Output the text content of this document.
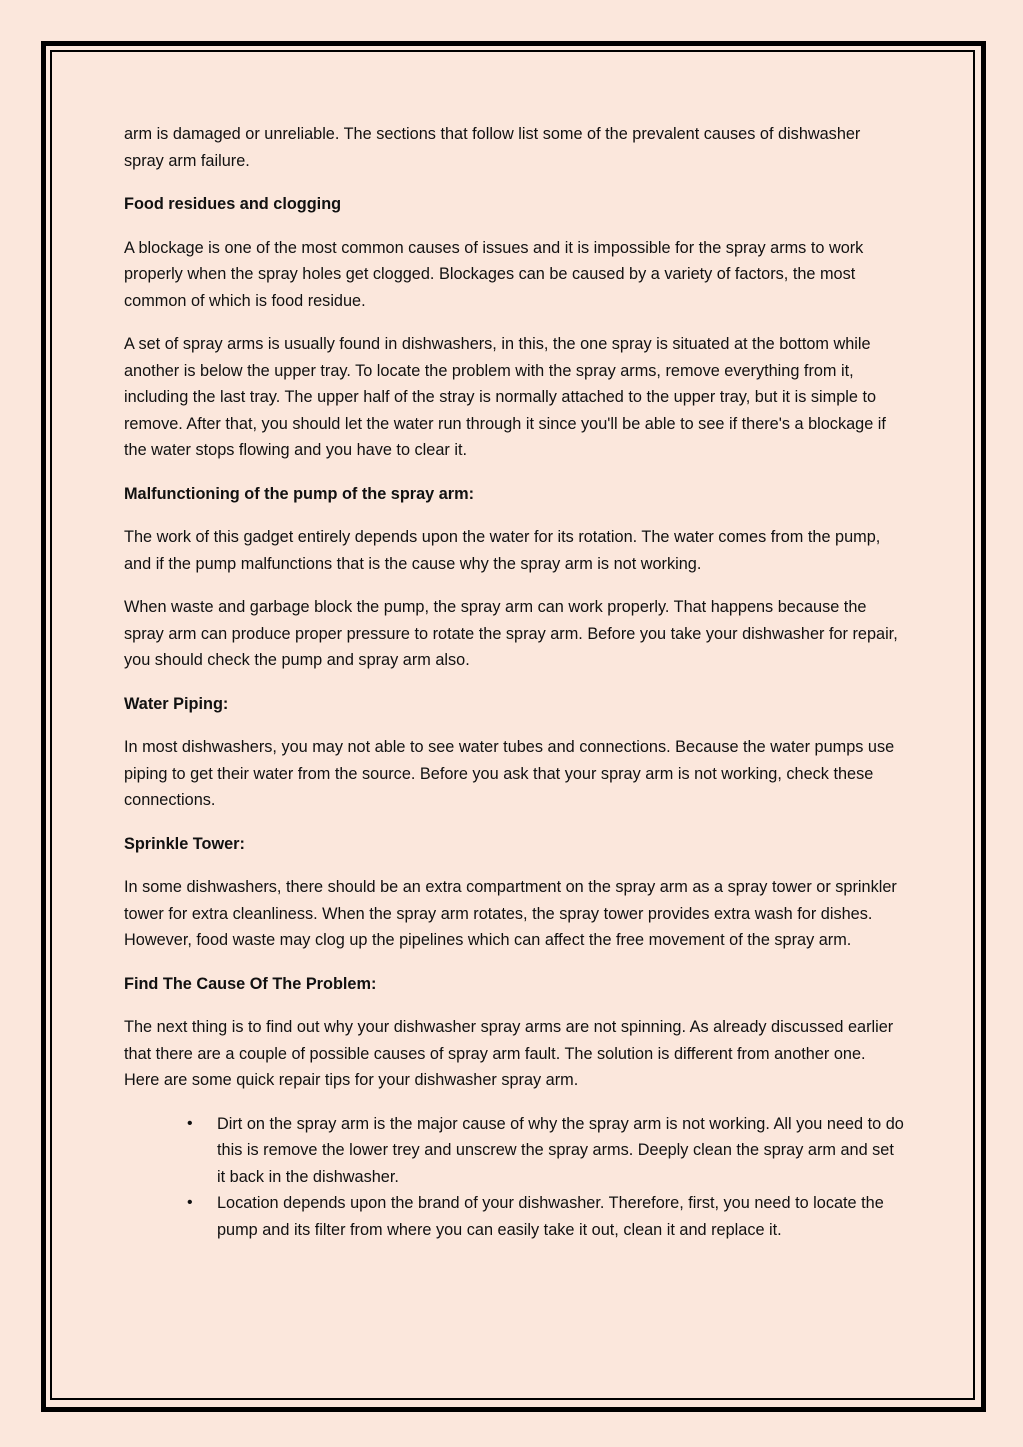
arm is damaged or unreliable. The sections that follow list some of the prevalent causes of dishwasher spray arm failure.

Food residues and clogging

A blockage is one of the most common causes of issues and it is impossible for the spray arms to work properly when the spray holes get clogged. Blockages can be caused by a variety of factors, the most common of which is food residue.

A set of spray arms is usually found in dishwashers, in this, the one spray is situated at the bottom while another is below the upper tray. To locate the problem with the spray arms, remove everything from it, including the last tray. The upper half of the stray is normally attached to the upper tray, but it is simple to remove. After that, you should let the water run through it since you'll be able to see if there's a blockage if the water stops flowing and you have to clear it.

Malfunctioning of the pump of the spray arm:

The work of this gadget entirely depends upon the water for its rotation. The water comes from the pump, and if the pump malfunctions that is the cause why the spray arm is not working.

When waste and garbage block the pump, the spray arm can work properly. That happens because the spray arm can produce proper pressure to rotate the spray arm. Before you take your dishwasher for repair, you should check the pump and spray arm also.

Water Piping:

In most dishwashers, you may not able to see water tubes and connections. Because the water pumps use piping to get their water from the source. Before you ask that your spray arm is not working, check these connections.

Sprinkle Tower:

In some dishwashers, there should be an extra compartment on the spray arm as a spray tower or sprinkler tower for extra cleanliness. When the spray arm rotates, the spray tower provides extra wash for dishes. However, food waste may clog up the pipelines which can affect the free movement of the spray arm.

Find The Cause Of The Problem:

The next thing is to find out why your dishwasher spray arms are not spinning. As already discussed earlier that there are a couple of possible causes of spray arm fault. The solution is different from another one. Here are some quick repair tips for your dishwasher spray arm.

• Dirt on the spray arm is the major cause of why the spray arm is not working. All you need to do this is remove the lower trey and unscrew the spray arms. Deeply clean the spray arm and set it back in the dishwasher.
• Location depends upon the brand of your dishwasher. Therefore, first, you need to locate the pump and its filter from where you can easily take it out, clean it and replace it.
